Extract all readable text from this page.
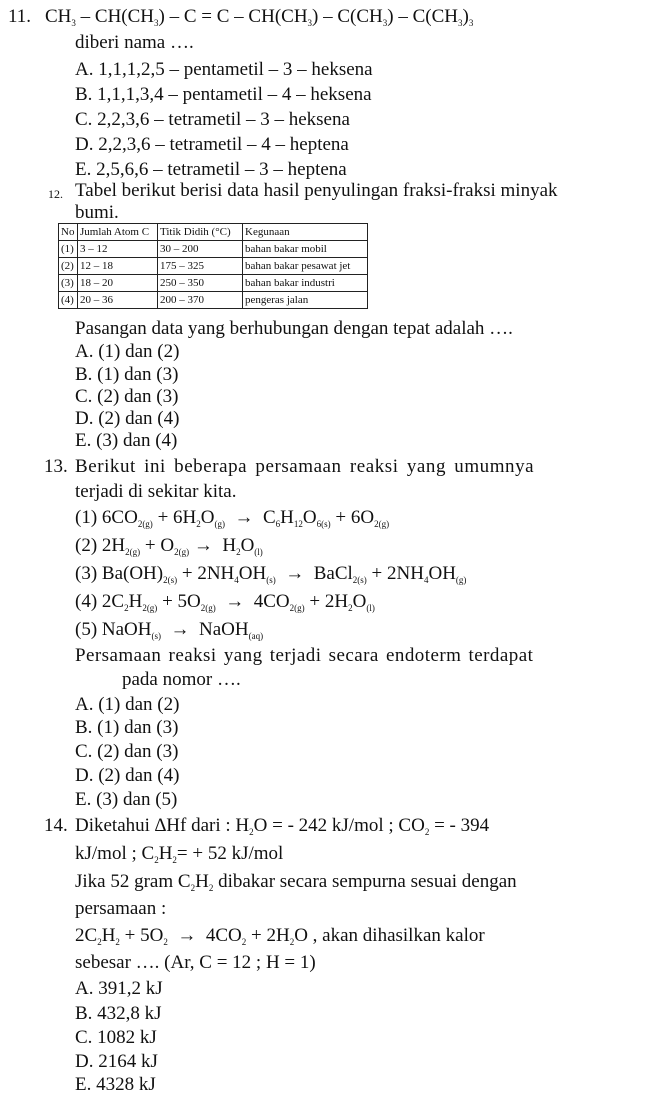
11. $CH_3 - CH(CH_3) - C = C - CH(CH_3) - C(CH_3) - C(CH_3)_3$
diberi nama ….
A. 1,1,1,2,5 – pentametil – 3 – heksena
B. 1,1,1,3,4 – pentametil – 4 – heksena
C. 2,2,3,6 – tetrametil – 3 – heksena
D. 2,2,3,6 – tetrametil – 4 – heptena
E. 2,5,6,6 – tetrametil – 3 – heptena
12. Tabel berikut berisi data hasil penyulingan fraksi-fraksi minyak
bumi.
No	Jumlah Atom C	Titik Didih (°C)	Kegunaan
(1)	3 – 12	30 – 200	bahan bakar mobil
(2)	12 – 18	175 – 325	bahan bakar pesawat jet
(3)	18 – 20	250 – 350	bahan bakar industri
(4)	20 – 36	200 – 370	pengeras jalan
Pasangan data yang berhubungan dengan tepat adalah ….
A. (1) dan (2)
B. (1) dan (3)
C. (2) dan (3)
D. (2) dan (4)
E. (3) dan (4)
13. Berikut ini beberapa persamaan reaksi yang umumnya
terjadi di sekitar kita.
(1) $6CO_{2(g)} + 6H_2O_{(g)} \to C_6H_{12}O_{6(s)} + 6O_{2(g)}$
(2) $2H_{2(g)} + O_{2(g)} \to H_2O_{(l)}$
(3) $Ba(OH)_{2(s)} + 2NH_4OH_{(s)}$  →  BaCl$_{2(s)}$ + $2NH_4OH_{(g)}$
(4) $2C_2H_{2(g)} + 5O_{2(g)} \to 4CO_{2(g)} + 2H_2O_{(l)}$
(5) NaOH$_{(s)}$  →  NaOH$_{(aq)}$
Persamaan reaksi yang terjadi secara endoterm terdapat
pada nomor ….
A. (1) dan (2)
B. (1) dan (3)
C. (2) dan (3)
D. (2) dan (4)
E. (3) dan (5)
14. Diketahui ∆Hf dari : $H_2O$ = - 242 kJ/mol ; $CO_2$ = - 394
kJ/mol ; $C_2H_2= + 52$ kJ/mol
Jika 52 gram $C_2H_2$ dibakar secara sempurna sesuai dengan
persamaan :
$2C_2H_2 + 5O_2 \to 4CO_2 + 2H_2O$ , akan dihasilkan kalor
sebesar …. (Ar, C = 12 ; H = 1)
A. 391,2 kJ
B. 432,8 kJ
C. 1082 kJ
D. 2164 kJ
E. 4328 kJ
